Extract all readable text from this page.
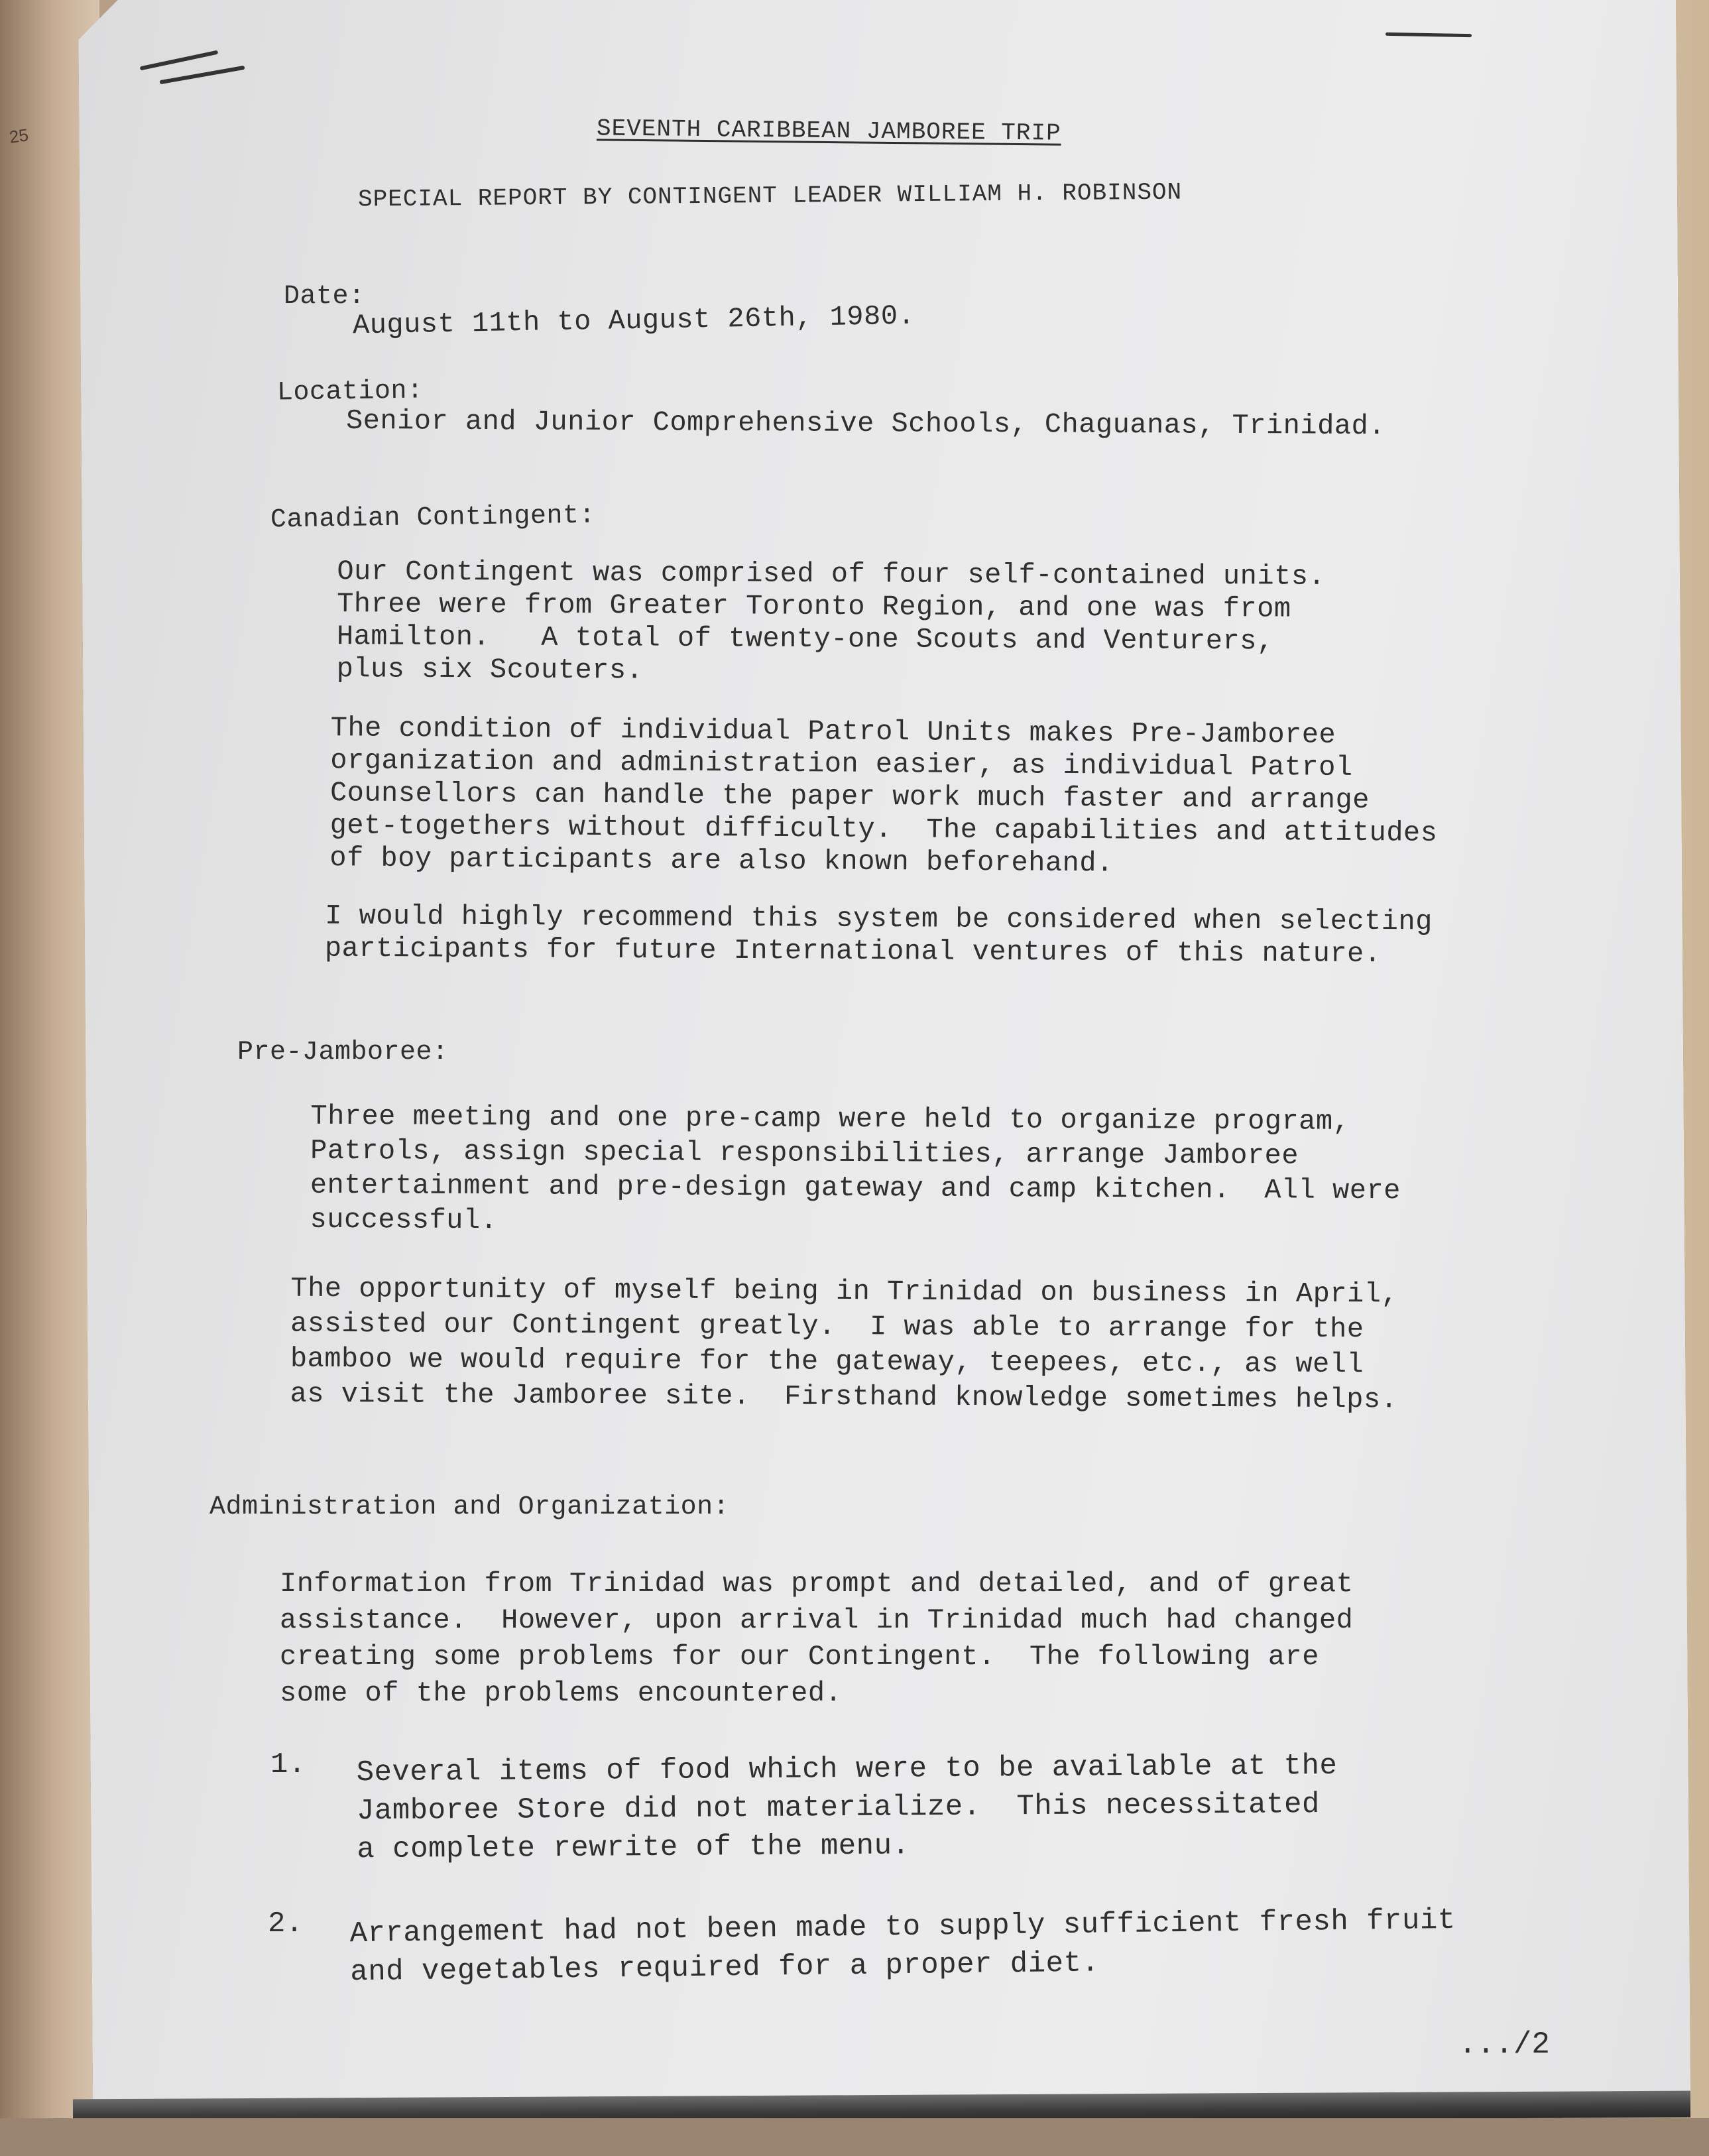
25	SEVENTH CARIBBEAN JAMBOREE TRIP
SPECIAL REPORT BY CONTINGENT LEADER WILLIAM H. ROBINSON
Date:
August 11th to August 26th, 1980.
Location:
Senior and Junior Comprehensive Schools, Chaguanas, Trinidad.
Canadian Contingent:
Our Contingent was comprised of four self-contained units.
Three were from Greater Toronto Region, and one was from
Hamilton.   A total of twenty-one Scouts and Venturers,
plus six Scouters.
The condition of individual Patrol Units makes Pre-Jamboree
organization and administration easier, as individual Patrol
Counsellors can handle the paper work much faster and arrange
get-togethers without difficulty.  The capabilities and attitudes
of boy participants are also known beforehand.
I would highly recommend this system be considered when selecting
participants for future International ventures of this nature.
Pre-Jamboree:
Three meeting and one pre-camp were held to organize program,
Patrols, assign special responsibilities, arrange Jamboree
entertainment and pre-design gateway and camp kitchen.  All were
successful.
The opportunity of myself being in Trinidad on business in April,
assisted our Contingent greatly.  I was able to arrange for the
bamboo we would require for the gateway, teepees, etc., as well
as visit the Jamboree site.  Firsthand knowledge sometimes helps.
Administration and Organization:
Information from Trinidad was prompt and detailed, and of great
assistance.  However, upon arrival in Trinidad much had changed
creating some problems for our Contingent.  The following are
some of the problems encountered.
1. Several items of food which were to be available at the
Jamboree Store did not materialize.  This necessitated
a complete rewrite of the menu.
2. Arrangement had not been made to supply sufficient fresh fruit
and vegetables required for a proper diet.
.../2
